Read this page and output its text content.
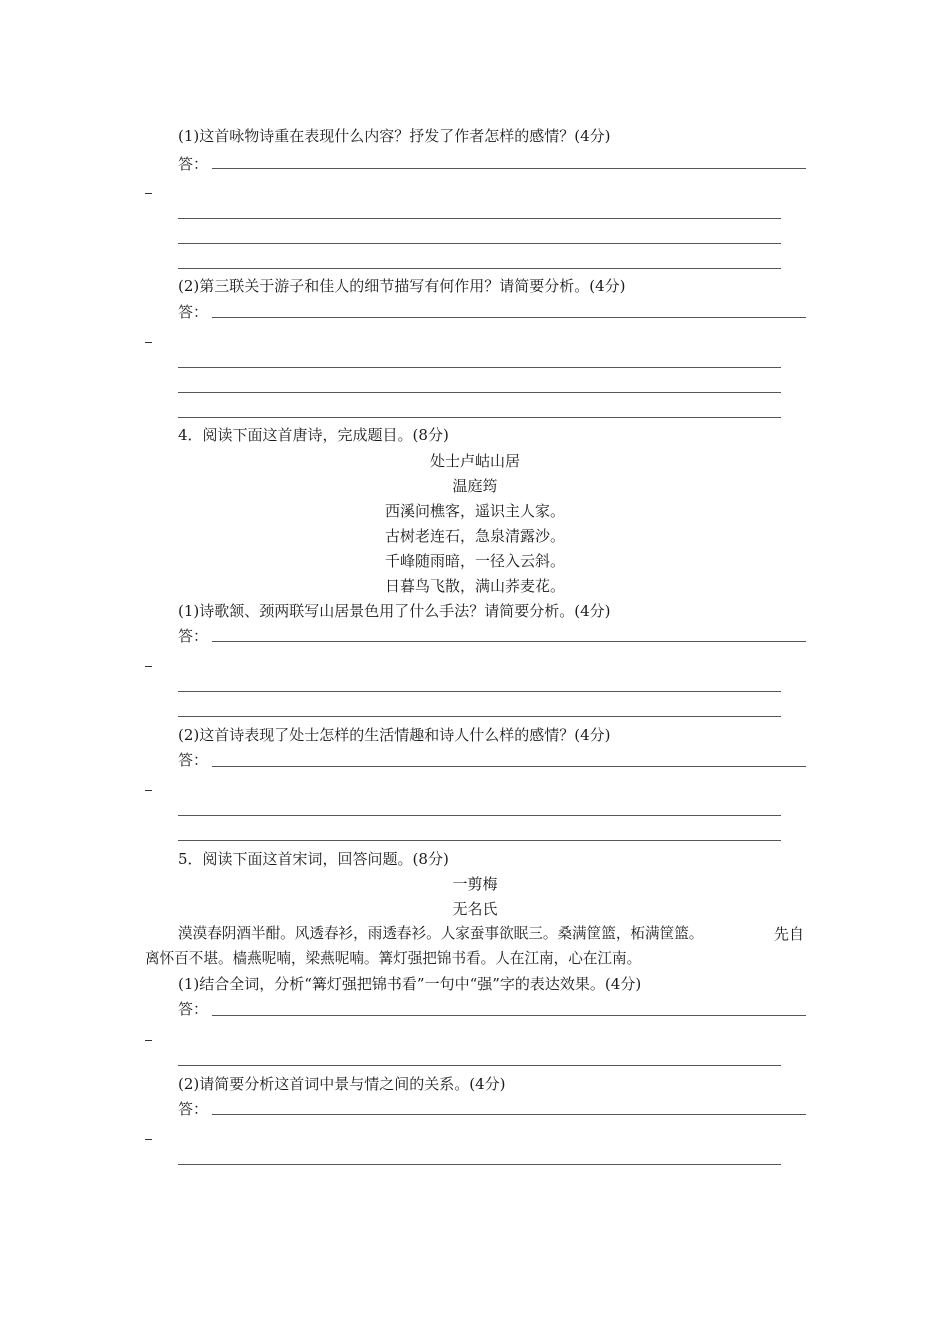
(1)这首咏物诗重在表现什么内容？抒发了作者怎样的感情？(4分)
答：
(2)第三联关于游子和佳人的细节描写有何作用？请简要分析。(4分)
答：
4．阅读下面这首唐诗，完成题目。(8分)
处士卢岵山居
温庭筠
西溪问樵客，遥识主人家。
古树老连石，急泉清露沙。
千峰随雨暗，一径入云斜。
日暮鸟飞散，满山荞麦花。
(1)诗歌颔、颈两联写山居景色用了什么手法？请简要分析。(4分)
答：
(2)这首诗表现了处士怎样的生活情趣和诗人什么样的感情？(4分)
答：
5．阅读下面这首宋词，回答问题。(8分)
一剪梅
无名氏
漠漠春阴酒半酣。风透春衫，雨透春衫。人家蚕事欲眠三。桑满筐篮，柘满筐篮。	先自
离怀百不堪。樯燕呢喃，梁燕呢喃。篝灯强把锦书看。人在江南，心在江南。
(1)结合全词，分析“篝灯强把锦书看”一句中“强”字的表达效果。(4分)
答：
(2)请简要分析这首词中景与情之间的关系。(4分)
答：
